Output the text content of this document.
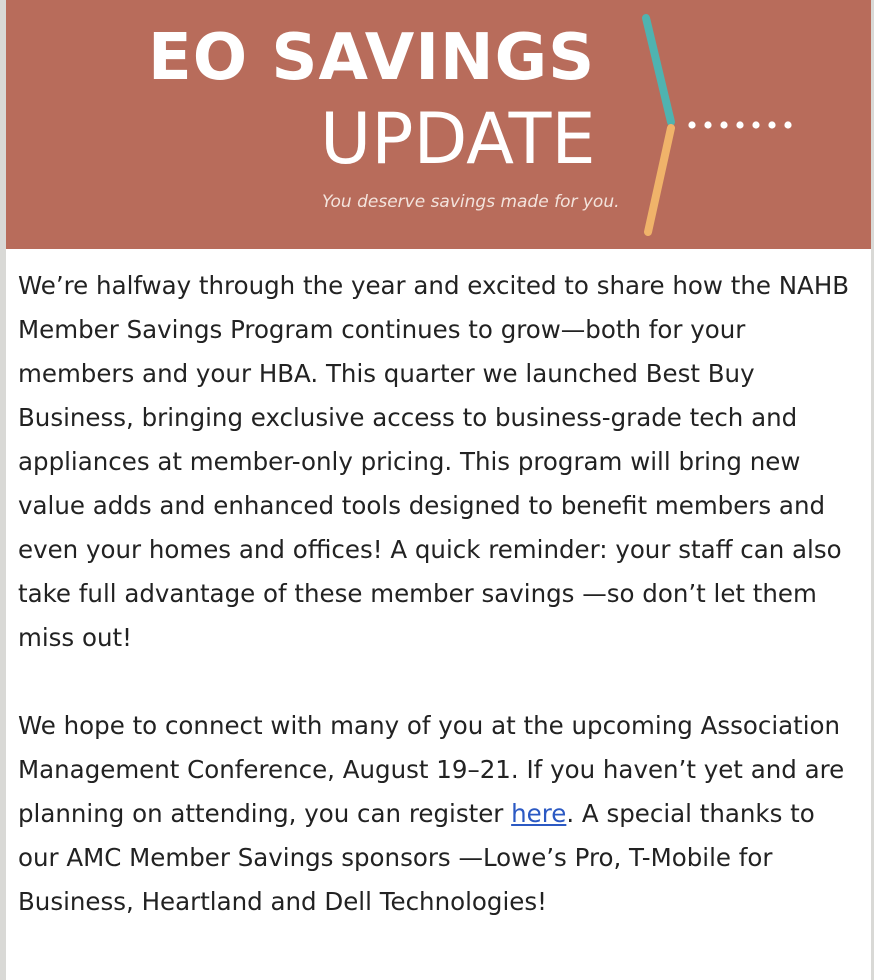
EO SAVINGS
UPDATE
You deserve savings made for you.

We’re halfway through the year and excited to share how the NAHB Member Savings Program continues to grow—both for your members and your HBA. This quarter we launched Best Buy Business, bringing exclusive access to business-grade tech and appliances at member-only pricing. This program will bring new value adds and enhanced tools designed to benefit members and even your homes and offices! A quick reminder: your staff can also take full advantage of these member savings —so don’t let them miss out!

We hope to connect with many of you at the upcoming Association Management Conference, August 19–21. If you haven’t yet and are planning on attending, you can register here. A special thanks to our AMC Member Savings sponsors —Lowe’s Pro, T-Mobile for Business, Heartland and Dell Technologies!
